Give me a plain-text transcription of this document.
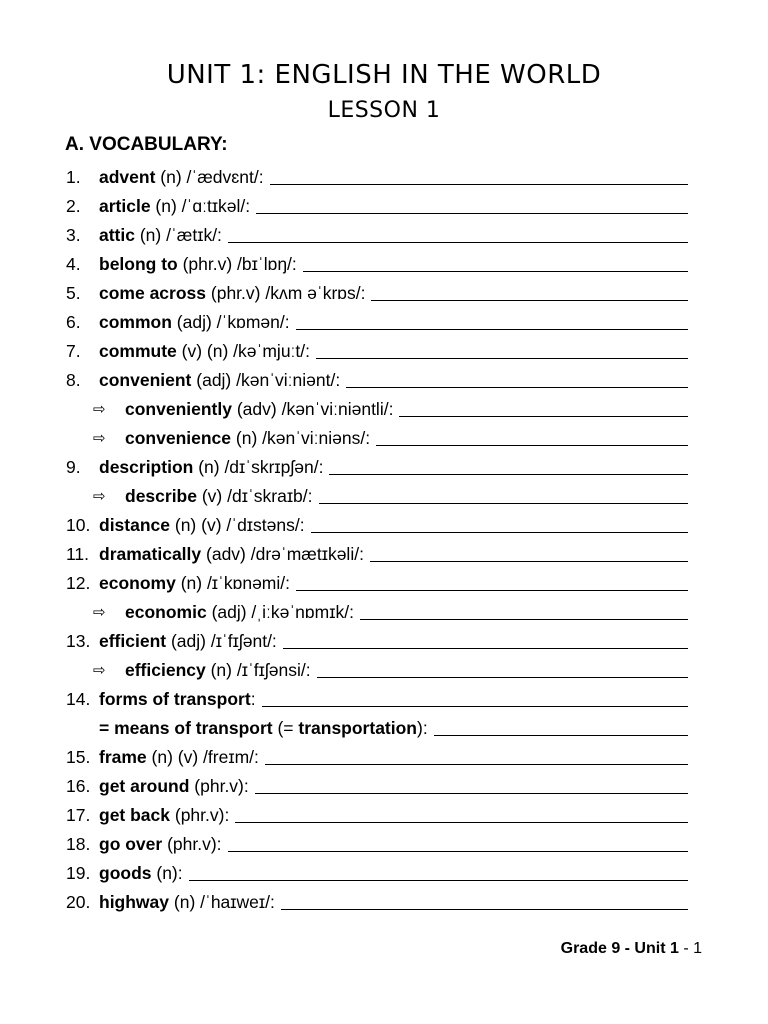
UNIT 1: ENGLISH IN THE WORLD
LESSON 1
A. VOCABULARY:
1. advent (n) /ˈædvɛnt/:
2. article (n) /ˈɑːtɪkəl/:
3. attic (n) /ˈætɪk/:
4. belong to (phr.v) /bɪˈlɒŋ/:
5. come across (phr.v) /kʌm əˈkrɒs/:
6. common (adj) /ˈkɒmən/:
7. commute (v) (n) /kəˈmjuːt/:
8. convenient (adj) /kənˈviːniənt/:
⇨ conveniently (adv) /kənˈviːniəntli/:
⇨ convenience (n) /kənˈviːniəns/:
9. description (n) /dɪˈskrɪpʃən/:
⇨ describe (v) /dɪˈskraɪb/:
10. distance (n) (v) /ˈdɪstəns/:
11. dramatically (adv) /drəˈmætɪkəli/:
12. economy (n) /ɪˈkɒnəmi/:
⇨ economic (adj) /ˌiːkəˈnɒmɪk/:
13. efficient (adj) /ɪˈfɪʃənt/:
⇨ efficiency (n) /ɪˈfɪʃənsi/:
14. forms of transport :
= means of transport (= transportation ):
15. frame (n) (v) /freɪm/:
16. get around (phr.v):
17. get back (phr.v):
18. go over (phr.v):
19. goods (n):
20. highway (n) /ˈhaɪweɪ/:
Grade 9 - Unit 1 - 1
